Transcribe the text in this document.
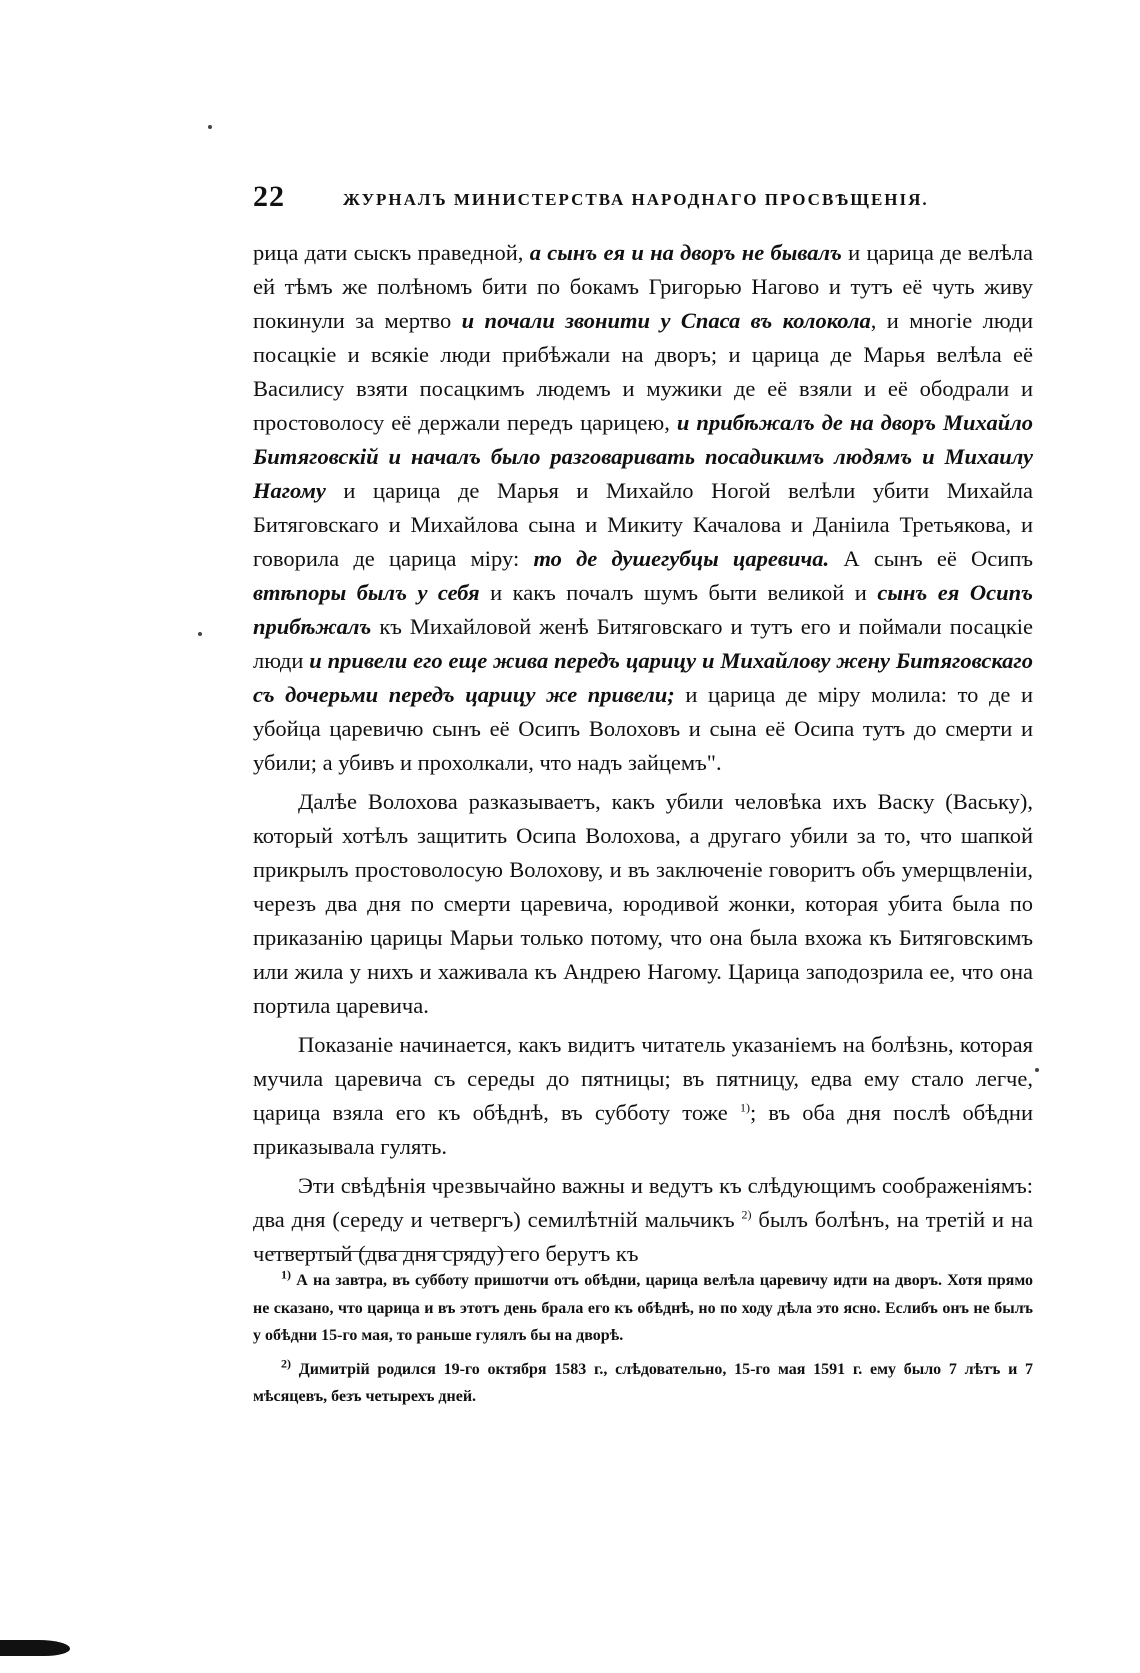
22	ЖУРНАЛЪ МИНИСТЕРСТВА НАРОДНАГО ПРОСВѢЩЕНІЯ.

рица дати сыскъ праведной, а сынъ ея и на дворъ не бывалъ и царица де велѣла ей тѣмъ же полѣномъ бити по бокамъ Григорью Нагово и тутъ её чуть живу покинули за мертво и почали звонити у Спаса въ колокола, и многіе люди посацкіе и всякіе люди прибѣжали на дворъ; и царица де Марья велѣла её Василису взяти посацкимъ людемъ и мужики де её взяли и её ободрали и простоволосу её держали передъ царицею, и прибѣжалъ де на дворъ Михайло Битяговскій и началъ было разговаривать посадикимъ людямъ и Михаилу Нагому и царица де Марья и Михайло Ногой велѣли убити Михайла Битяговскаго и Михайлова сына и Микиту Качалова и Даніила Третьякова, и говорила де царица міру: то де душегубцы царевича. А сынъ её Осипъ втѣпоры былъ у себя и какъ почалъ шумъ быти великой и сынъ ея Осипъ прибѣжалъ къ Михайловой женѣ Битяговскаго и тутъ его и поймали посацкіе люди и привели его еще жива передъ царицу и Михайлову жену Битяговскаго съ дочерьми передъ царицу же привели; и царица де міру молила: то де и убойца царевичю сынъ её Осипъ Волоховъ и сына её Осипа тутъ до смерти и убили; а убивъ и прохолкали, что надъ зайцемъ".

Далѣе Волохова разказываетъ, какъ убили человѣка ихъ Васку (Ваську), который хотѣлъ защитить Осипа Волохова, а другаго убили за то, что шапкой прикрылъ простоволосую Волохову, и въ заключеніе говоритъ объ умерщвленіи, черезъ два дня по смерти царевича, юродивой жонки, которая убита была по приказанію царицы Марьи только потому, что она была вхожа къ Битяговскимъ или жила у нихъ и хаживала къ Андрею Нагому. Царица заподозрила ее, что она портила царевича.

Показаніе начинается, какъ видитъ читатель указаніемъ на болѣзнь, которая мучила царевича съ середы до пятницы; въ пятницу, едва ему стало легче, царица взяла его къ обѣднѣ, въ субботу тоже $^{1)}$; въ оба дня послѣ обѣдни приказывала гулять.

Эти свѣдѣнія чрезвычайно важны и ведутъ къ слѣдующимъ соображеніямъ: два дня (середу и четвергъ) семилѣтній мальчикъ $^{2)}$ былъ болѣнъ, на третій и на четвертый (два дня сряду) его берутъ къ

$^{1)}$ А на завтра, въ субботу пришотчи отъ обѣдни, царица велѣла царевичу идти на дворъ. Хотя прямо не сказано, что царица и въ этотъ день брала его къ обѣднѣ, но по ходу дѣла это ясно. Еслибъ онъ не былъ у обѣдни 15-го мая, то раньше гулялъ бы на дворѣ.

$^{2)}$ Димитрій родился 19-го октября 1583 г., слѣдовательно, 15-го мая 1591 г. ему было 7 лѣтъ и 7 мѣсяцевъ, безъ четырехъ дней.
